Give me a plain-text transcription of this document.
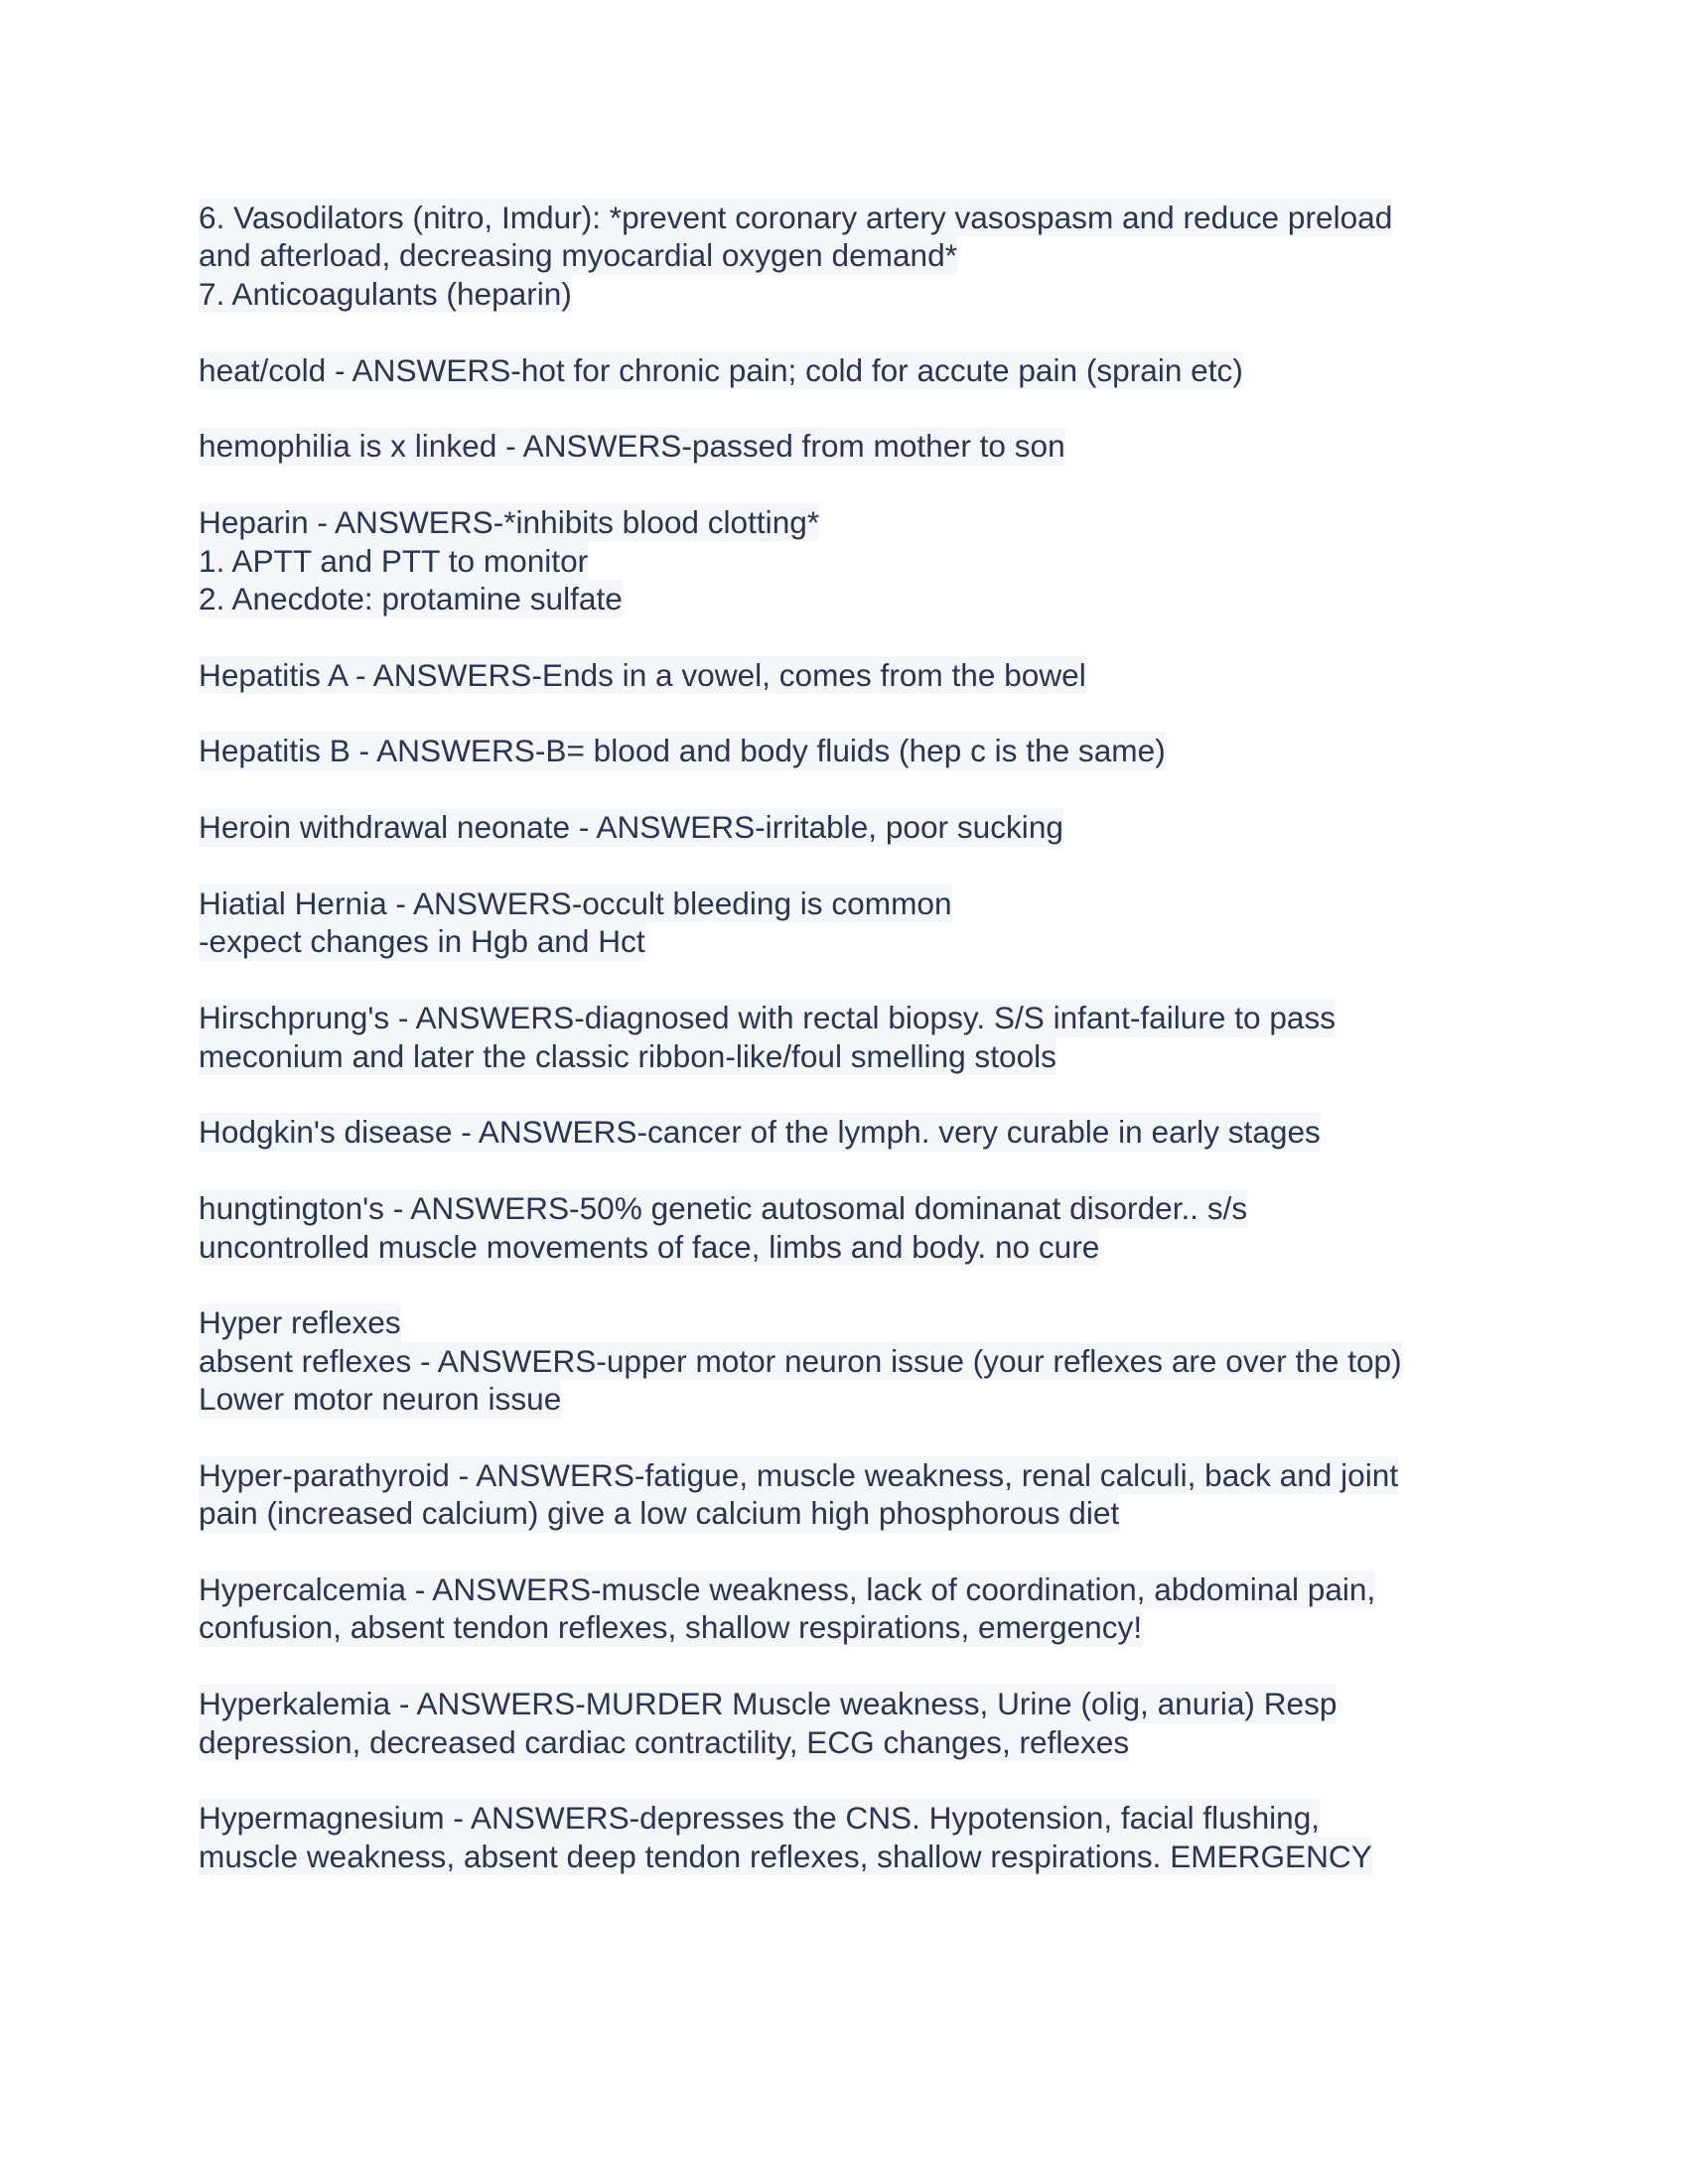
6. Vasodilators (nitro, Imdur): *prevent coronary artery vasospasm and reduce preload
and afterload, decreasing myocardial oxygen demand*
7. Anticoagulants (heparin)
heat/cold - ANSWERS-hot for chronic pain; cold for accute pain (sprain etc)
hemophilia is x linked - ANSWERS-passed from mother to son
Heparin - ANSWERS-*inhibits blood clotting*
1. APTT and PTT to monitor
2. Anecdote: protamine sulfate
Hepatitis A - ANSWERS-Ends in a vowel, comes from the bowel
Hepatitis B - ANSWERS-B= blood and body fluids (hep c is the same)
Heroin withdrawal neonate - ANSWERS-irritable, poor sucking
Hiatial Hernia - ANSWERS-occult bleeding is common
-expect changes in Hgb and Hct
Hirschprung's - ANSWERS-diagnosed with rectal biopsy. S/S infant-failure to pass
meconium and later the classic ribbon-like/foul smelling stools
Hodgkin's disease - ANSWERS-cancer of the lymph. very curable in early stages
hungtington's - ANSWERS-50% genetic autosomal dominanat disorder.. s/s
uncontrolled muscle movements of face, limbs and body. no cure
Hyper reflexes
absent reflexes - ANSWERS-upper motor neuron issue (your reflexes are over the top)
Lower motor neuron issue
Hyper-parathyroid - ANSWERS-fatigue, muscle weakness, renal calculi, back and joint
pain (increased calcium) give a low calcium high phosphorous diet
Hypercalcemia - ANSWERS-muscle weakness, lack of coordination, abdominal pain,
confusion, absent tendon reflexes, shallow respirations, emergency!
Hyperkalemia - ANSWERS-MURDER Muscle weakness, Urine (olig, anuria) Resp
depression, decreased cardiac contractility, ECG changes, reflexes
Hypermagnesium - ANSWERS-depresses the CNS. Hypotension, facial flushing,
muscle weakness, absent deep tendon reflexes, shallow respirations. EMERGENCY
